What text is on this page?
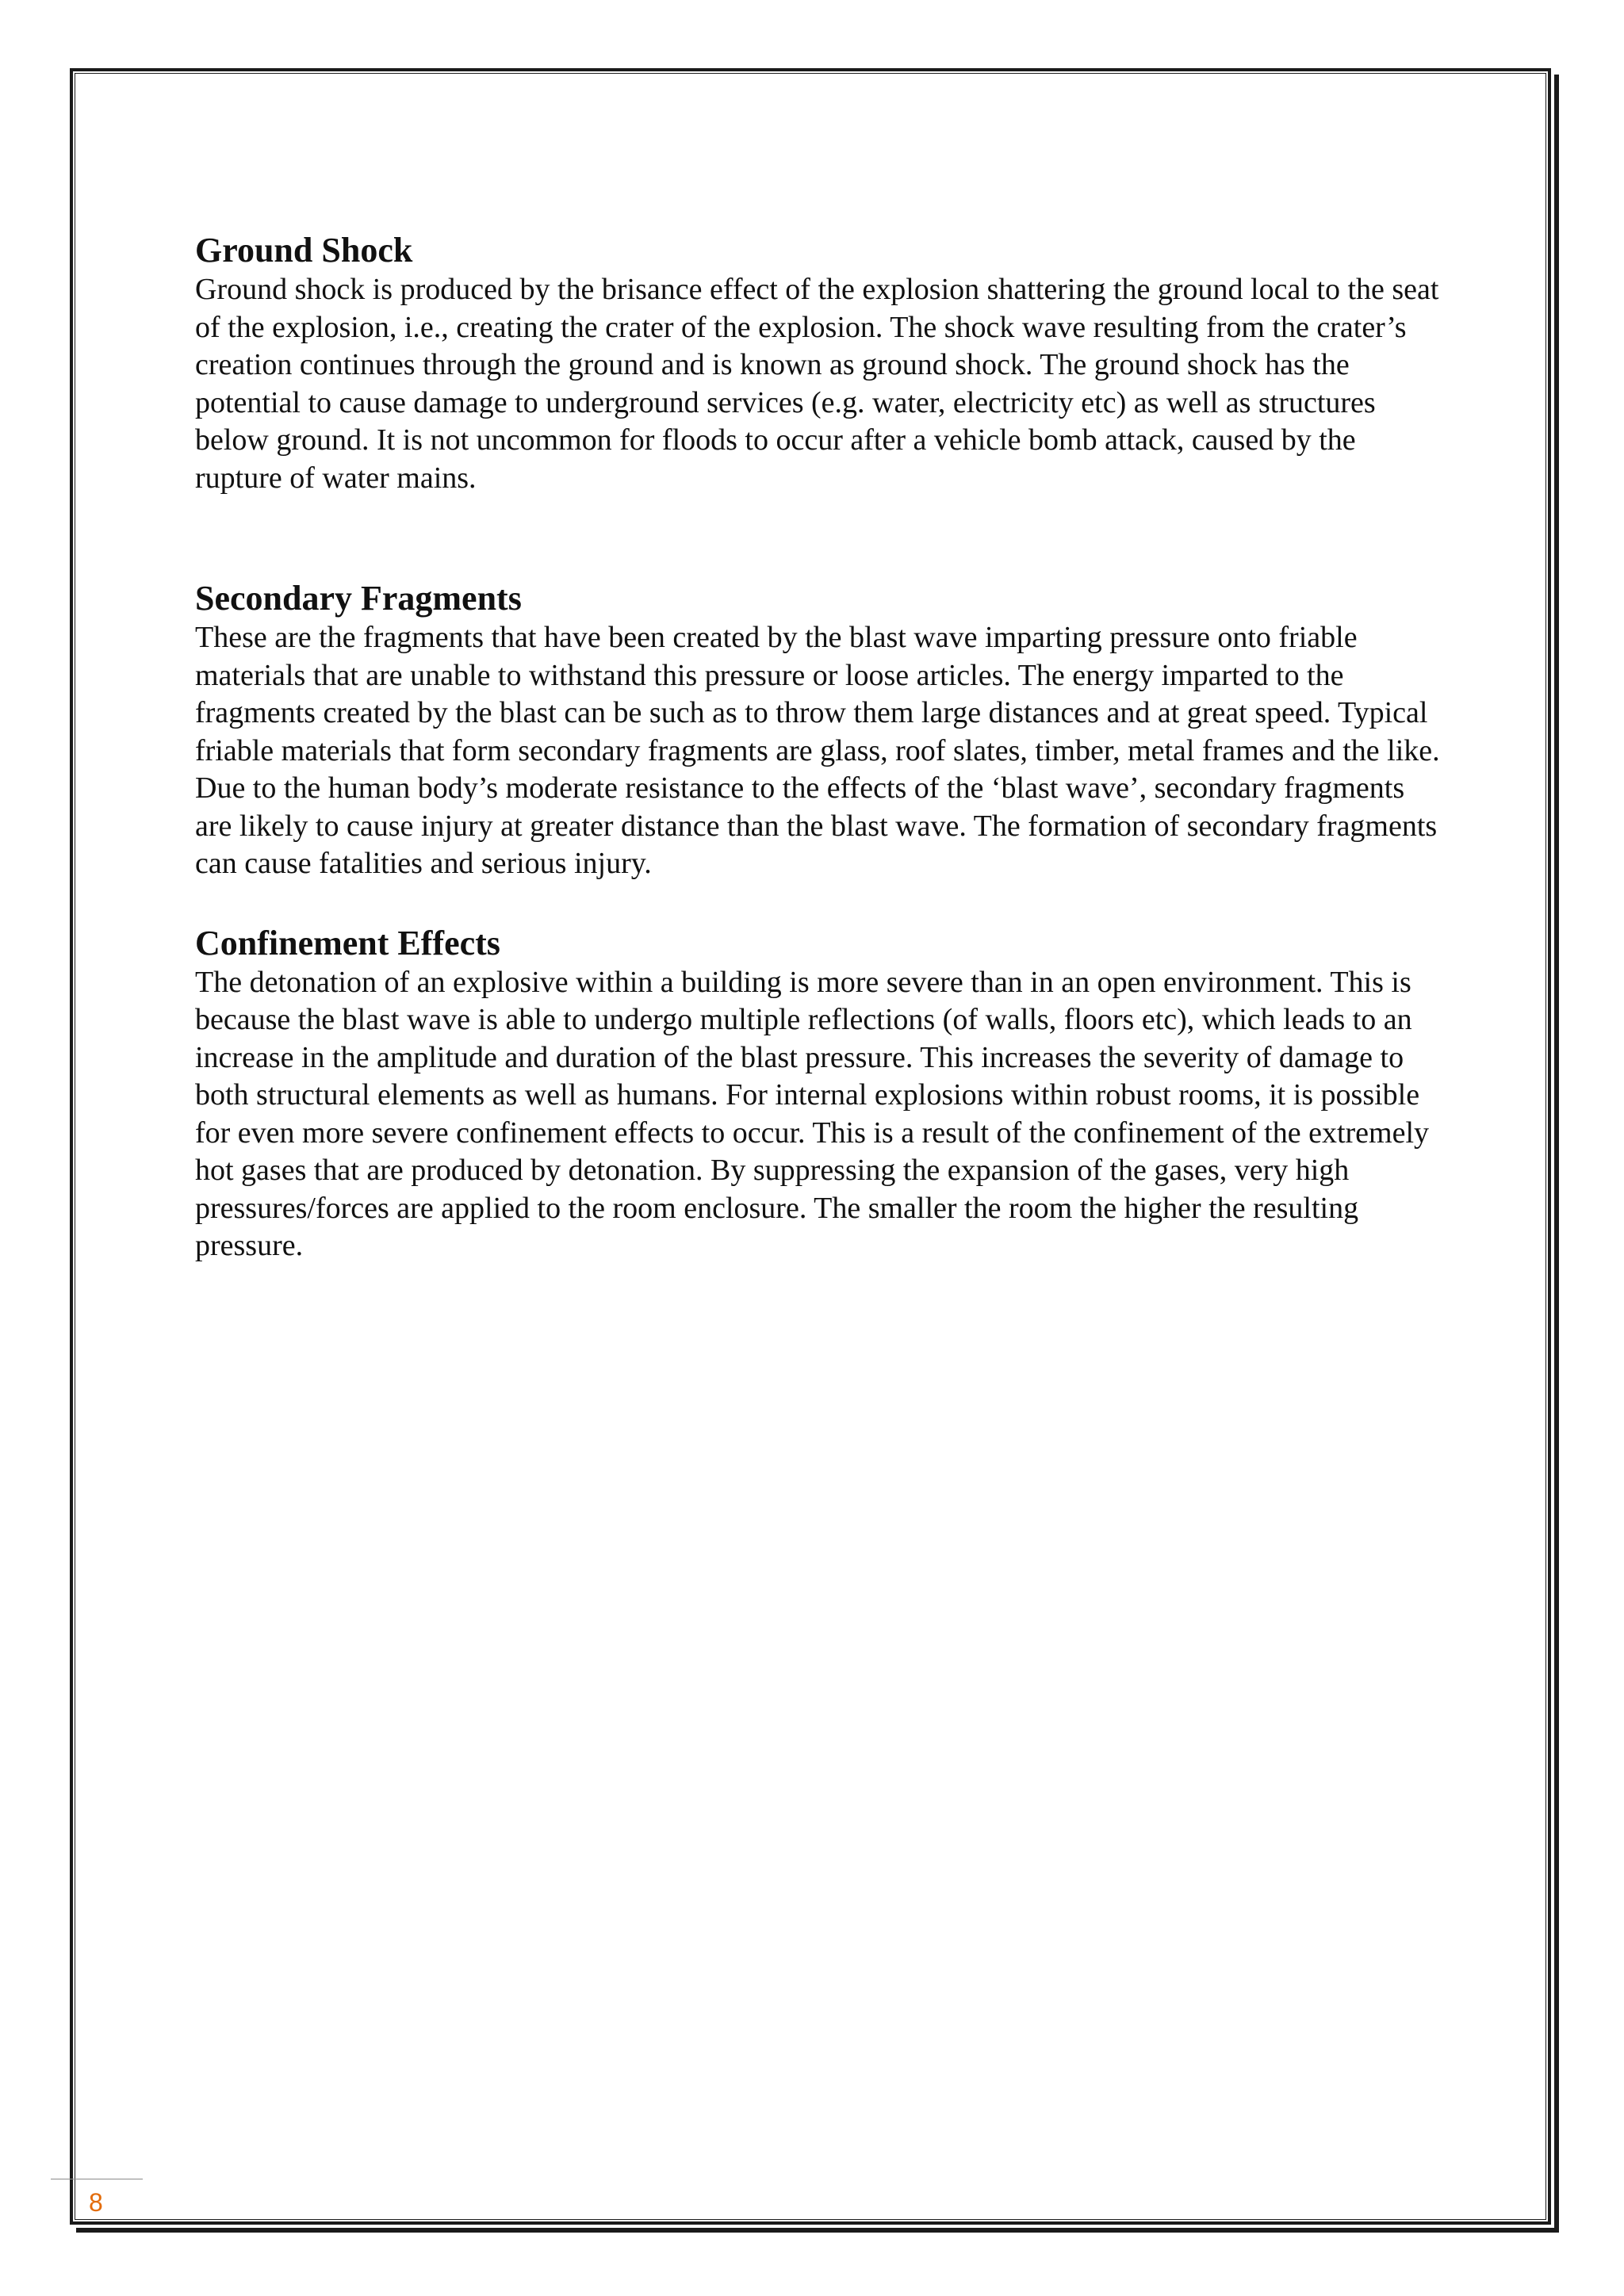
Ground Shock

Ground shock is produced by the brisance effect of the explosion shattering the ground local to the seat of the explosion, i.e., creating the crater of the explosion. The shock wave resulting from the crater’s creation continues through the ground and is known as ground shock. The ground shock has the potential to cause damage to underground services (e.g. water, electricity etc) as well as structures below ground. It is not uncommon for floods to occur after a vehicle bomb attack, caused by the rupture of water mains.

Secondary Fragments

These are the fragments that have been created by the blast wave imparting pressure onto friable materials that are unable to withstand this pressure or loose articles. The energy imparted to the fragments created by the blast can be such as to throw them large distances and at great speed. Typical friable materials that form secondary fragments are glass, roof slates, timber, metal frames and the like. Due to the human body’s moderate resistance to the effects of the ‘blast wave’, secondary fragments are likely to cause injury at greater distance than the blast wave. The formation of secondary fragments can cause fatalities and serious injury.

Confinement Effects

The detonation of an explosive within a building is more severe than in an open environment. This is because the blast wave is able to undergo multiple reflections (of walls, floors etc), which leads to an increase in the amplitude and duration of the blast pressure. This increases the severity of damage to both structural elements as well as humans. For internal explosions within robust rooms, it is possible for even more severe confinement effects to occur. This is a result of the confinement of the extremely hot gases that are produced by detonation. By suppressing the expansion of the gases, very high pressures/forces are applied to the room enclosure. The smaller the room the higher the resulting pressure.

8
